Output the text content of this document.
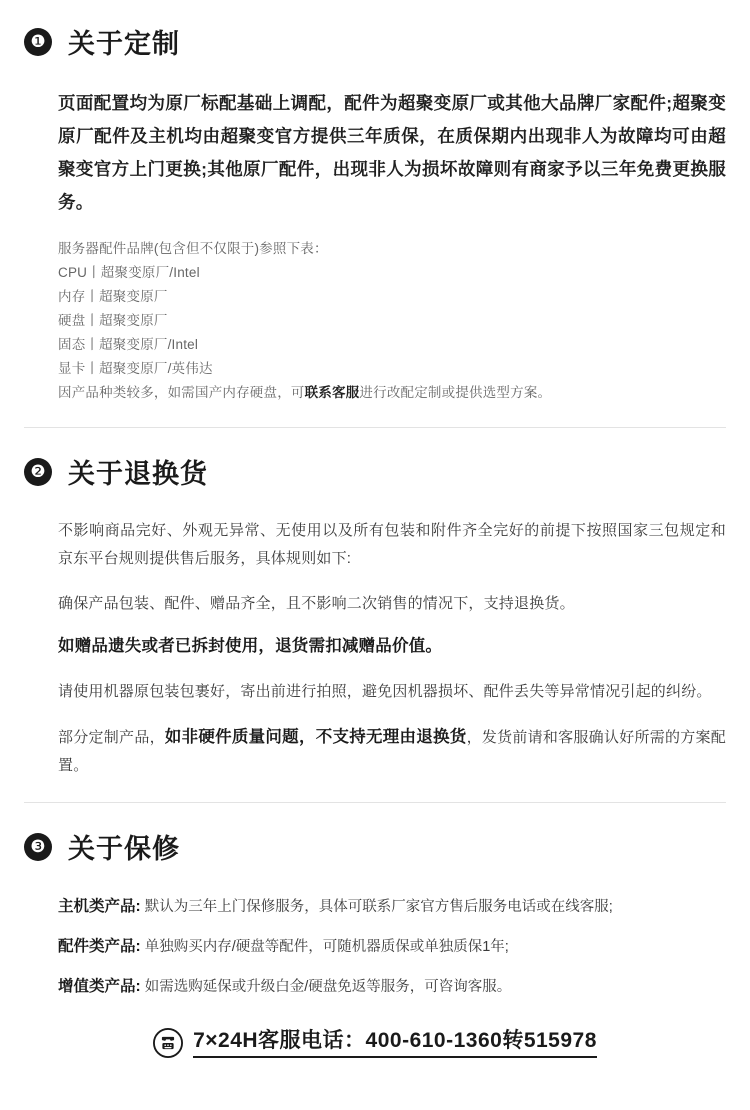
❶ 关于定制

页面配置均为原厂标配基础上调配，配件为超聚变原厂或其他大品牌厂家配件;超聚变原厂配件及主机均由超聚变官方提供三年质保，在质保期内出现非人为故障均可由超聚变官方上门更换;其他原厂配件，出现非人为损坏故障则有商家予以三年免费更换服务。

服务器配件品牌(包含但不仅限于)参照下表：
CPU丨超聚变原厂/Intel
内存丨超聚变原厂
硬盘丨超聚变原厂
固态丨超聚变原厂/Intel
显卡丨超聚变原厂/英伟达
因产品种类较多，如需国产内存硬盘，可联系客服进行改配定制或提供选型方案。
❷ 关于退换货

不影响商品完好、外观无异常、无使用以及所有包装和附件齐全完好的前提下按照国家三包规定和京东平台规则提供售后服务，具体规则如下:

确保产品包装、配件、赠品齐全，且不影响二次销售的情况下，支持退换货。

如赠品遗失或者已拆封使用，退货需扣减赠品价值。

请使用机器原包装包裹好，寄出前进行拍照，避免因机器损坏、配件丢失等异常情况引起的纠纷。

部分定制产品，如非硬件质量问题，不支持无理由退换货，发货前请和客服确认好所需的方案配置。

❸ 关于保修

主机类产品: 默认为三年上门保修服务，具体可联系厂家官方售后服务电话或在线客服;

配件类产品: 单独购买内存/硬盘等配件，可随机器质保或单独质保1年;

增值类产品: 如需选购延保或升级白金/硬盘免返等服务，可咨询客服。

7×24H客服电话：400-610-1360转515978
